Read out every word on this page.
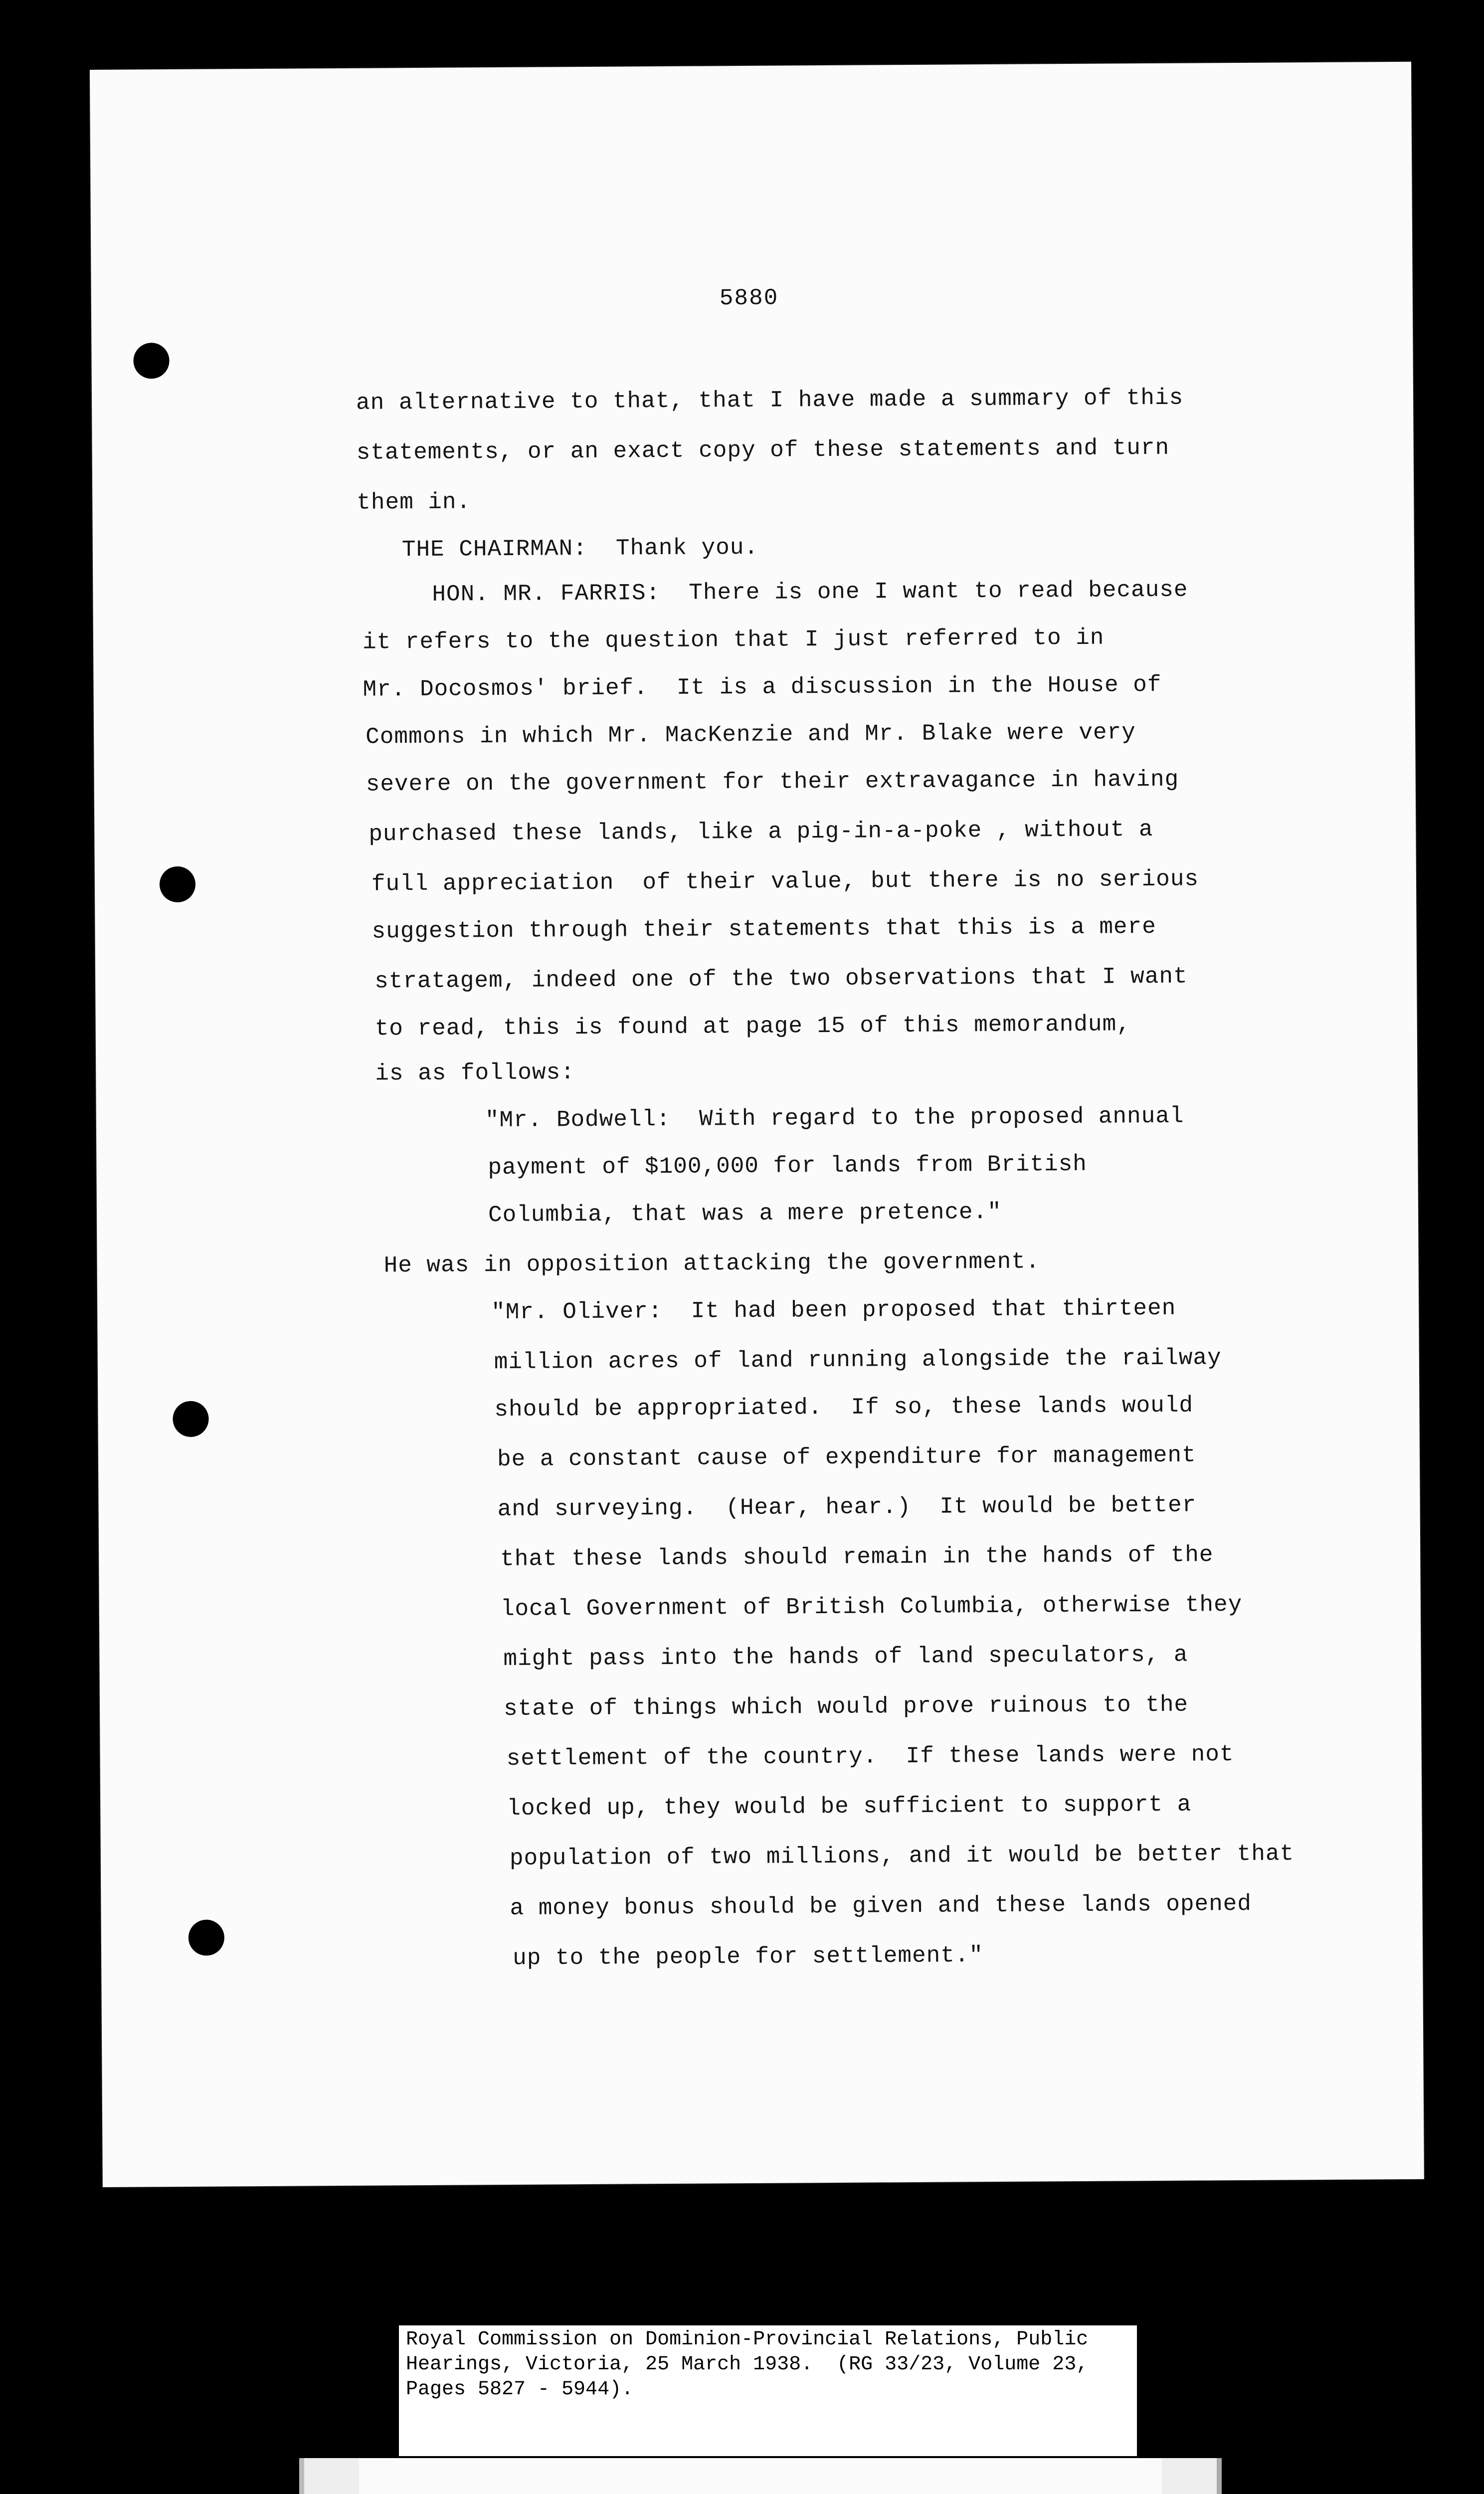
5880
an alternative to that, that I have made a summary of this
statements, or an exact copy of these statements and turn
them in.
THE CHAIRMAN:  Thank you.
HON. MR. FARRIS:  There is one I want to read because
it refers to the question that I just referred to in
Mr. Docosmos' brief.  It is a discussion in the House of
Commons in which Mr. MacKenzie and Mr. Blake were very
severe on the government for their extravagance in having
purchased these lands, like a pig-in-a-poke , without a
full appreciation  of their value, but there is no serious
suggestion through their statements that this is a mere
stratagem, indeed one of the two observations that I want
to read, this is found at page 15 of this memorandum,
is as follows:
"Mr. Bodwell:  With regard to the proposed annual
payment of $100,000 for lands from British
Columbia, that was a mere pretence."
He was in opposition attacking the government.
"Mr. Oliver:  It had been proposed that thirteen
million acres of land running alongside the railway
should be appropriated.  If so, these lands would
be a constant cause of expenditure for management
and surveying.  (Hear, hear.)  It would be better
that these lands should remain in the hands of the
local Government of British Columbia, otherwise they
might pass into the hands of land speculators, a
state of things which would prove ruinous to the
settlement of the country.  If these lands were not
locked up, they would be sufficient to support a
population of two millions, and it would be better that
a money bonus should be given and these lands opened
up to the people for settlement."
Royal Commission on Dominion-Provincial Relations, Public
Hearings, Victoria, 25 March 1938.  (RG 33/23, Volume 23,
Pages 5827 - 5944).
